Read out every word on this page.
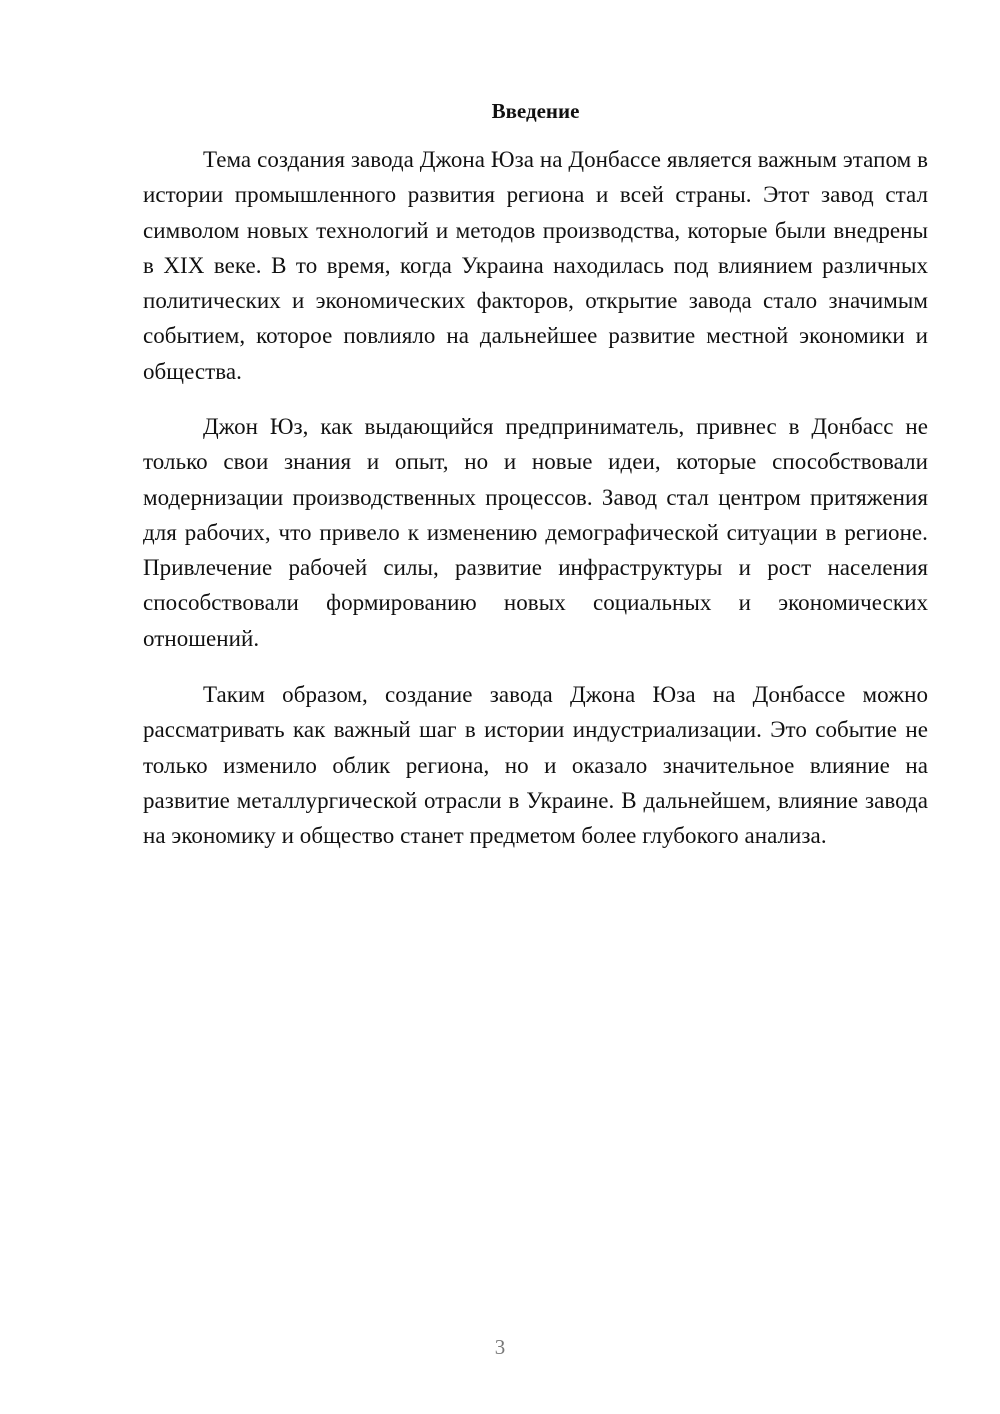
Введение

Тема создания завода Джона Юза на Донбассе является важным этапом в истории промышленного развития региона и всей страны. Этот завод стал символом новых технологий и методов производства, которые были внедрены в XIX веке. В то время, когда Украина находилась под влиянием различных политических и экономических факторов, открытие завода стало значимым событием, которое повлияло на дальнейшее развитие местной экономики и общества.

Джон Юз, как выдающийся предприниматель, привнес в Донбасс не только свои знания и опыт, но и новые идеи, которые способствовали модернизации производственных процессов. Завод стал центром притяжения для рабочих, что привело к изменению демографической ситуации в регионе. Привлечение рабочей силы, развитие инфраструктуры и рост населения способствовали формированию новых социальных и экономических отношений.

Таким образом, создание завода Джона Юза на Донбассе можно рассматривать как важный шаг в истории индустриализации. Это событие не только изменило облик региона, но и оказало значительное влияние на развитие металлургической отрасли в Украине. В дальнейшем, влияние завода на экономику и общество станет предметом более глубокого анализа.

3
